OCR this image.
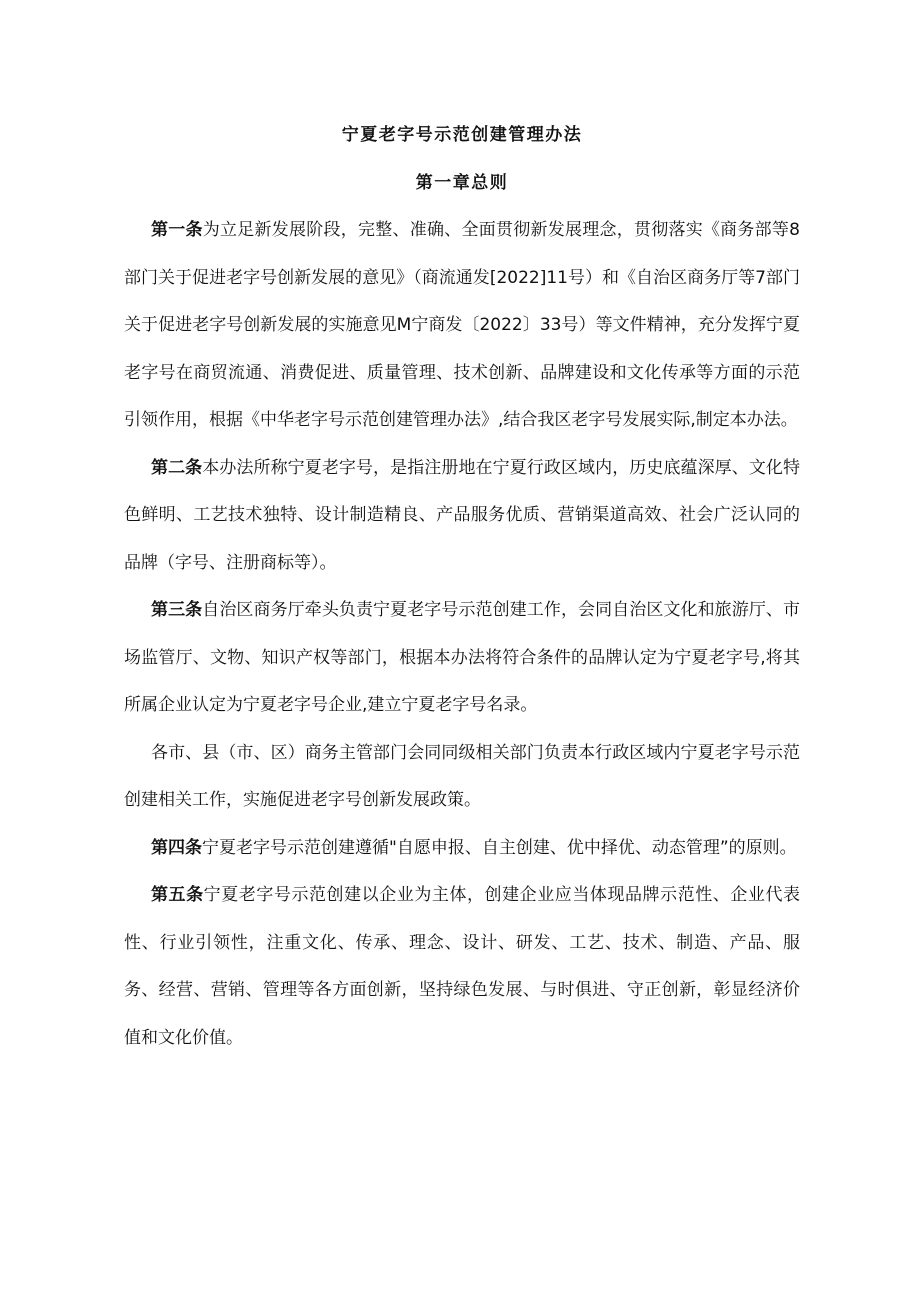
宁夏老字号示范创建管理办法
第一章总则

第一条为立足新发展阶段，完整、准确、全面贯彻新发展理念，贯彻落实《商务部等8部门关于促进老字号创新发展的意见》（商流通发[2022]11号）和《自治区商务厅等7部门关于促进老字号创新发展的实施意见M宁商发〔2022〕33号）等文件精神，充分发挥宁夏老字号在商贸流通、消费促进、质量管理、技术创新、品牌建设和文化传承等方面的示范引领作用，根据《中华老字号示范创建管理办法》,结合我区老字号发展实际,制定本办法。

第二条本办法所称宁夏老字号，是指注册地在宁夏行政区域内，历史底蕴深厚、文化特色鲜明、工艺技术独特、设计制造精良、产品服务优质、营销渠道高效、社会广泛认同的品牌（字号、注册商标等）。

第三条自治区商务厅牵头负责宁夏老字号示范创建工作，会同自治区文化和旅游厅、市场监管厅、文物、知识产权等部门，根据本办法将符合条件的品牌认定为宁夏老字号,将其所属企业认定为宁夏老字号企业,建立宁夏老字号名录。

各市、县（市、区）商务主管部门会同同级相关部门负责本行政区域内宁夏老字号示范创建相关工作，实施促进老字号创新发展政策。

第四条宁夏老字号示范创建遵循"自愿申报、自主创建、优中择优、动态管理”的原则。

第五条宁夏老字号示范创建以企业为主体，创建企业应当体现品牌示范性、企业代表性、行业引领性，注重文化、传承、理念、设计、研发、工艺、技术、制造、产品、服务、经营、营销、管理等各方面创新，坚持绿色发展、与时俱进、守正创新，彰显经济价值和文化价值。
